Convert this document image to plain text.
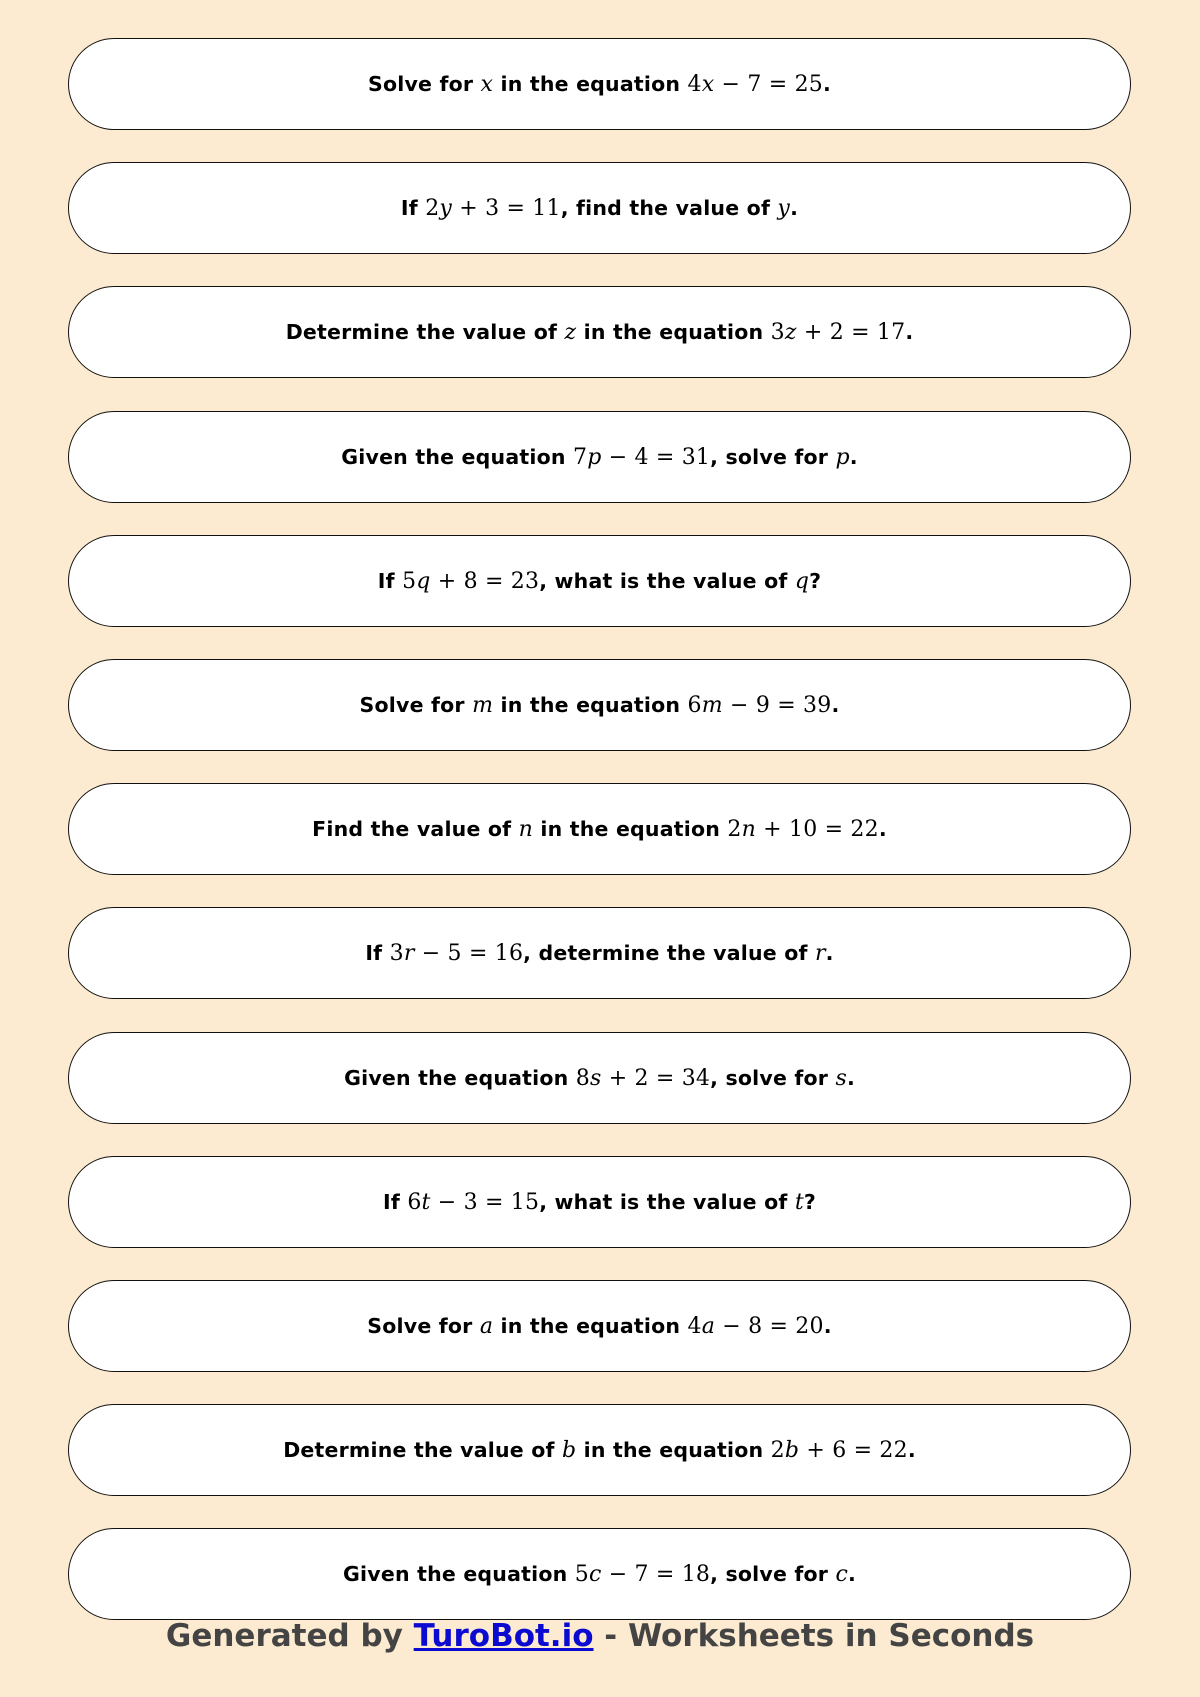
Solve for x in the equation 4x − 7 = 25.
If 2y + 3 = 11, find the value of y.
Determine the value of z in the equation 3z + 2 = 17.
Given the equation 7p − 4 = 31, solve for p.
If 5q + 8 = 23, what is the value of q?
Solve for m in the equation 6m − 9 = 39.
Find the value of n in the equation 2n + 10 = 22.
If 3r − 5 = 16, determine the value of r.
Given the equation 8s + 2 = 34, solve for s.
If 6t − 3 = 15, what is the value of t?
Solve for a in the equation 4a − 8 = 20.
Determine the value of b in the equation 2b + 6 = 22.
Given the equation 5c − 7 = 18, solve for c.
Generated by TuroBot.io - Worksheets in Seconds
